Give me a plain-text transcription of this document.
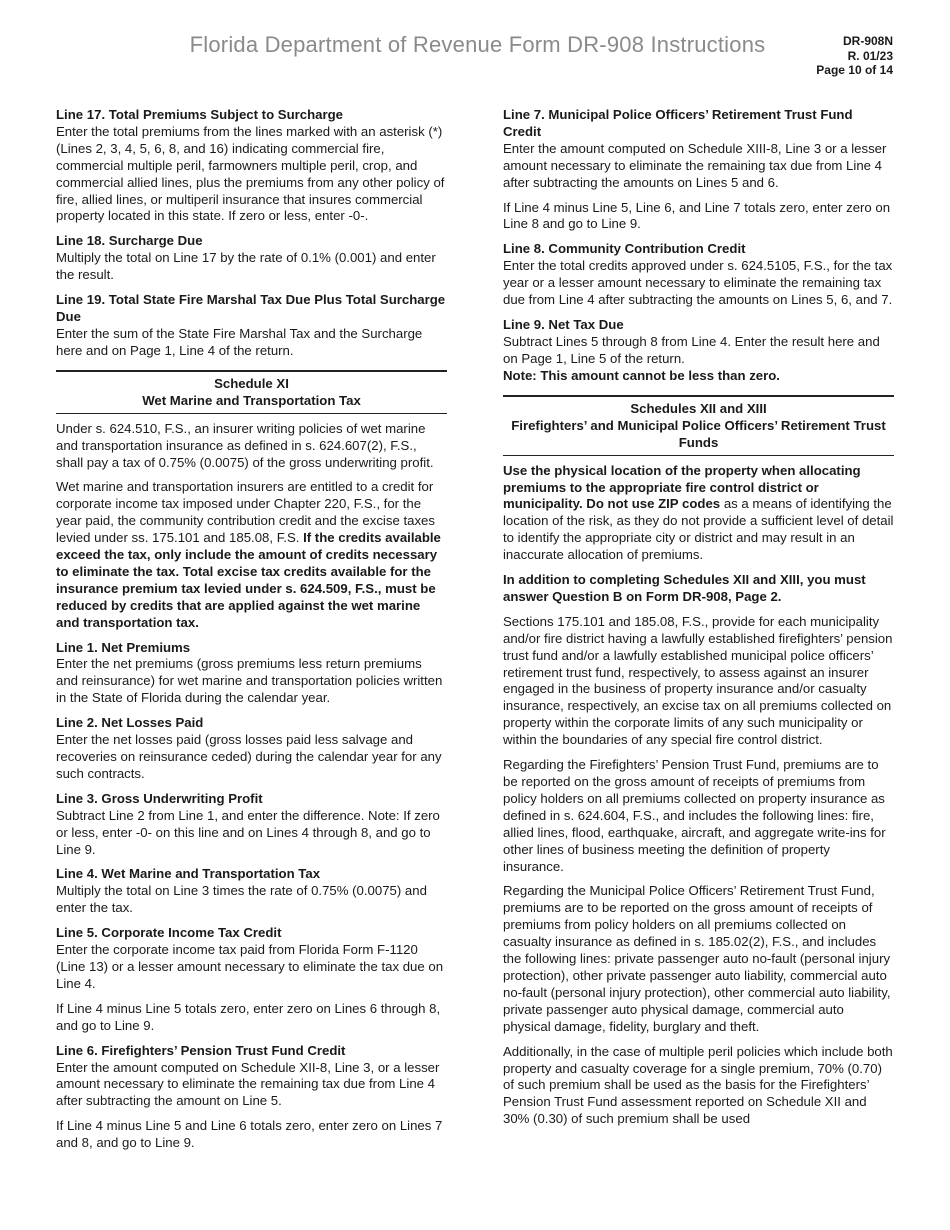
Florida Department of Revenue Form DR-908 Instructions	DR-908N
R. 01/23
Page 10 of 14
Line 17. Total Premiums Subject to Surcharge
Enter the total premiums from the lines marked with an asterisk (*) (Lines 2, 3, 4, 5, 6, 8, and 16) indicating commercial fire, commercial multiple peril, farmowners multiple peril, crop, and commercial allied lines, plus the premiums from any other policy of fire, allied lines, or multiperil insurance that insures commercial property located in this state. If zero or less, enter -0-.
Line 18. Surcharge Due
Multiply the total on Line 17 by the rate of 0.1% (0.001) and enter the result.
Line 19. Total State Fire Marshal Tax Due Plus Total Surcharge Due
Enter the sum of the State Fire Marshal Tax and the Surcharge here and on Page 1, Line 4 of the return.
Schedule XI
Wet Marine and Transportation Tax

Under s. 624.510, F.S., an insurer writing policies of wet marine and transportation insurance as defined in s. 624.607(2), F.S., shall pay a tax of 0.75% (0.0075) of the gross underwriting profit.

Wet marine and transportation insurers are entitled to a credit for corporate income tax imposed under Chapter 220, F.S., for the year paid, the community contribution credit and the excise taxes levied under ss. 175.101 and 185.08, F.S. If the credits available exceed the tax, only include the amount of credits necessary to eliminate the tax. Total excise tax credits available for the insurance premium tax levied under s. 624.509, F.S., must be reduced by credits that are applied against the wet marine and transportation tax.

Line 1. Net Premiums
Enter the net premiums (gross premiums less return premiums and reinsurance) for wet marine and transportation policies written in the State of Florida during the calendar year.
Line 2. Net Losses Paid
Enter the net losses paid (gross losses paid less salvage and recoveries on reinsurance ceded) during the calendar year for any such contracts.
Line 3. Gross Underwriting Profit
Subtract Line 2 from Line 1, and enter the difference. Note: If zero or less, enter -0- on this line and on Lines 4 through 8, and go to Line 9.
Line 4. Wet Marine and Transportation Tax
Multiply the total on Line 3 times the rate of 0.75% (0.0075) and enter the tax.
Line 5. Corporate Income Tax Credit
Enter the corporate income tax paid from Florida Form F-1120 (Line 13) or a lesser amount necessary to eliminate the tax due on Line 4.

If Line 4 minus Line 5 totals zero, enter zero on Lines 6 through 8, and go to Line 9.

Line 6. Firefighters’ Pension Trust Fund Credit
Enter the amount computed on Schedule XII-8, Line 3, or a lesser amount necessary to eliminate the remaining tax due from Line 4 after subtracting the amount on Line 5.

If Line 4 minus Line 5 and Line 6 totals zero, enter zero on Lines 7 and 8, and go to Line 9.

Line 7. Municipal Police Officers’ Retirement Trust Fund Credit
Enter the amount computed on Schedule XIII-8, Line 3 or a lesser amount necessary to eliminate the remaining tax due from Line 4 after subtracting the amounts on Lines 5 and 6.

If Line 4 minus Line 5, Line 6, and Line 7 totals zero, enter zero on Line 8 and go to Line 9.

Line 8. Community Contribution Credit
Enter the total credits approved under s. 624.5105, F.S., for the tax year or a lesser amount necessary to eliminate the remaining tax due from Line 4 after subtracting the amounts on Lines 5, 6, and 7.
Line 9. Net Tax Due
Subtract Lines 5 through 8 from Line 4. Enter the result here and on Page 1, Line 5 of the return.
Note: This amount cannot be less than zero.
Schedules XII and XIII
Firefighters’ and Municipal Police Officers’ Retirement Trust Funds

Use the physical location of the property when allocating premiums to the appropriate fire control district or municipality. Do not use ZIP codes as a means of identifying the location of the risk, as they do not provide a sufficient level of detail to identify the appropriate city or district and may result in an inaccurate allocation of premiums.

In addition to completing Schedules XII and XIII, you must answer Question B on Form DR-908, Page 2.

Sections 175.101 and 185.08, F.S., provide for each municipality and/or fire district having a lawfully established firefighters’ pension trust fund and/or a lawfully established municipal police officers’ retirement trust fund, respectively, to assess against an insurer engaged in the business of property insurance and/or casualty insurance, respectively, an excise tax on all premiums collected on property within the corporate limits of any such municipality or within the boundaries of any special fire control district.

Regarding the Firefighters’ Pension Trust Fund, premiums are to be reported on the gross amount of receipts of premiums from policy holders on all premiums collected on property insurance as defined in s. 624.604, F.S., and includes the following lines: fire, allied lines, flood, earthquake, aircraft, and aggregate write-ins for other lines of business meeting the definition of property insurance.

Regarding the Municipal Police Officers’ Retirement Trust Fund, premiums are to be reported on the gross amount of receipts of premiums from policy holders on all premiums collected on casualty insurance as defined in s. 185.02(2), F.S., and includes the following lines: private passenger auto no-fault (personal injury protection), other private passenger auto liability, commercial auto no-fault (personal injury protection), other commercial auto liability, private passenger auto physical damage, commercial auto physical damage, fidelity, burglary and theft.

Additionally, in the case of multiple peril policies which include both property and casualty coverage for a single premium, 70% (0.70) of such premium shall be used as the basis for the Firefighters’ Pension Trust Fund assessment reported on Schedule XII and 30% (0.30) of such premium shall be used
